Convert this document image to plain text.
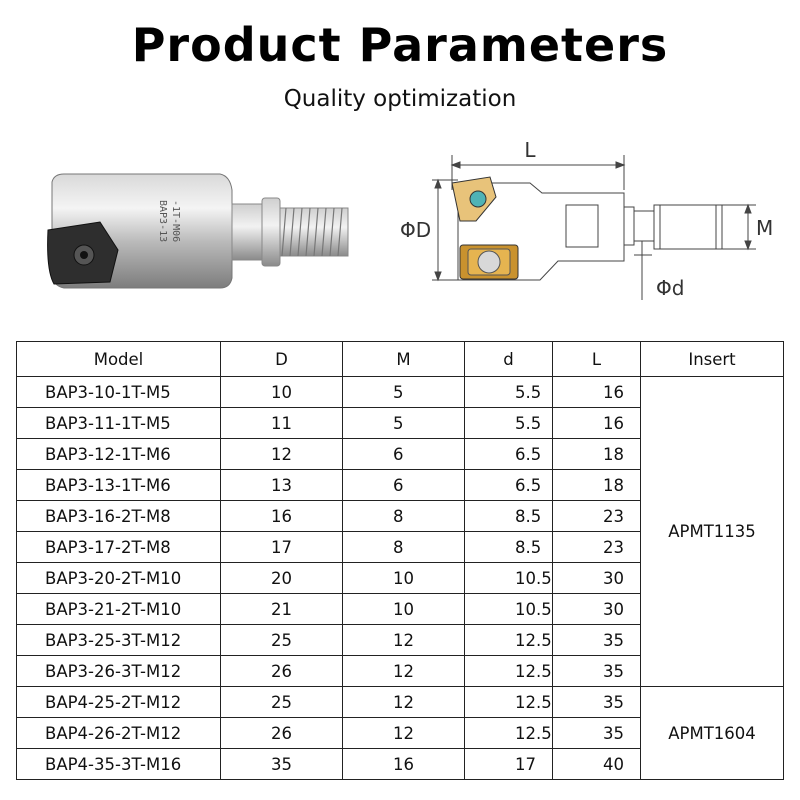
Product Parameters
Quality optimization
BAP3-13 -1T-M06
L
ΦD	M
Φd
Model	D	M	d	L	Insert
BAP3-10-1T-M5	10	5	5.5	16	APMT1135
BAP3-11-1T-M5	11	5	5.5	16	
BAP3-12-1T-M6	12	6	6.5	18	
BAP3-13-1T-M6	13	6	6.5	18	
BAP3-16-2T-M8	16	8	8.5	23	
BAP3-17-2T-M8	17	8	8.5	23	
BAP3-20-2T-M10	20	10	10.5	30	
BAP3-21-2T-M10	21	10	10.5	30	
BAP3-25-3T-M12	25	12	12.5	35	
BAP3-26-3T-M12	26	12	12.5	35	
BAP4-25-2T-M12	25	12	12.5	35	APMT1604
BAP4-26-2T-M12	26	12	12.5	35	
BAP4-35-3T-M16	35	16	17	40	
